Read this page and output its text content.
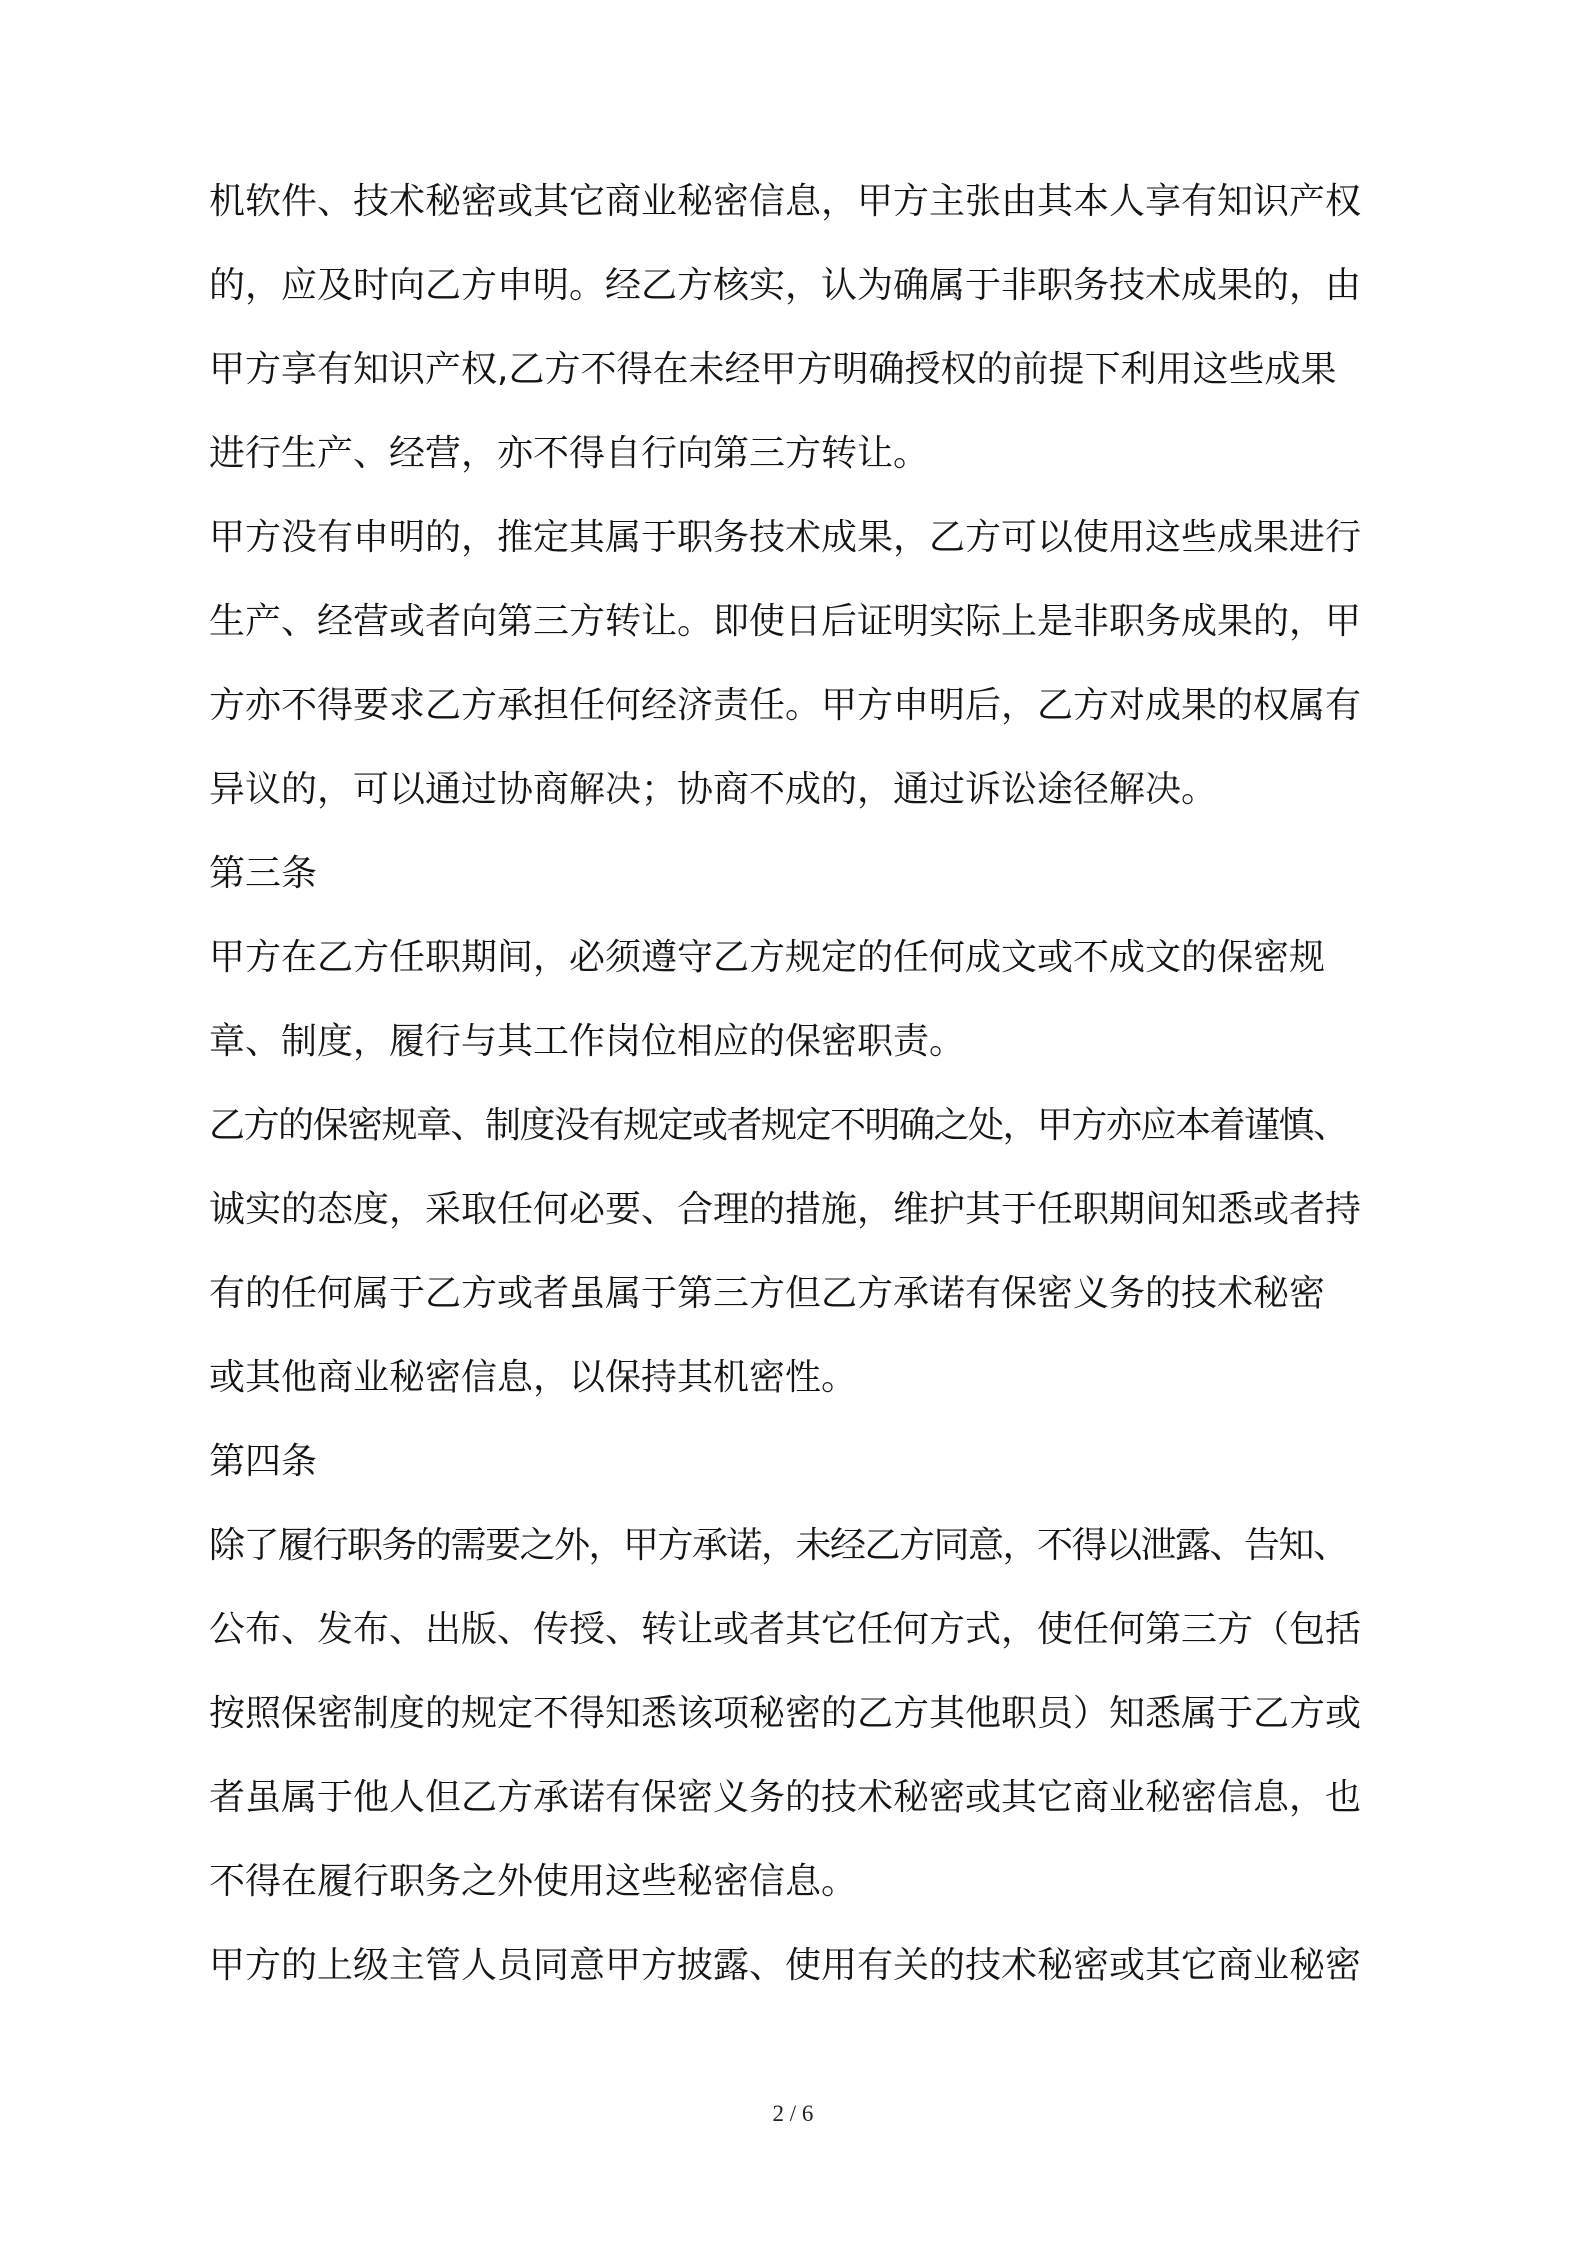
机软件、技术秘密或其它商业秘密信息，甲方主张由其本人享有知识产权
的，应及时向乙方申明。经乙方核实，认为确属于非职务技术成果的，由
甲方享有知识产权,乙方不得在未经甲方明确授权的前提下利用这些成果
进行生产、经营，亦不得自行向第三方转让。
甲方没有申明的，推定其属于职务技术成果，乙方可以使用这些成果进行
生产、经营或者向第三方转让。即使日后证明实际上是非职务成果的，甲
方亦不得要求乙方承担任何经济责任。甲方申明后，乙方对成果的权属有
异议的，可以通过协商解决；协商不成的，通过诉讼途径解决。
第三条
甲方在乙方任职期间，必须遵守乙方规定的任何成文或不成文的保密规
章、制度，履行与其工作岗位相应的保密职责。
乙方的保密规章、制度没有规定或者规定不明确之处，甲方亦应本着谨慎、
诚实的态度，采取任何必要、合理的措施，维护其于任职期间知悉或者持
有的任何属于乙方或者虽属于第三方但乙方承诺有保密义务的技术秘密
或其他商业秘密信息，以保持其机密性。
第四条
除了履行职务的需要之外，甲方承诺，未经乙方同意，不得以泄露、告知、
公布、发布、出版、传授、转让或者其它任何方式，使任何第三方（包括
按照保密制度的规定不得知悉该项秘密的乙方其他职员）知悉属于乙方或
者虽属于他人但乙方承诺有保密义务的技术秘密或其它商业秘密信息，也
不得在履行职务之外使用这些秘密信息。
甲方的上级主管人员同意甲方披露、使用有关的技术秘密或其它商业秘密
2 / 6
